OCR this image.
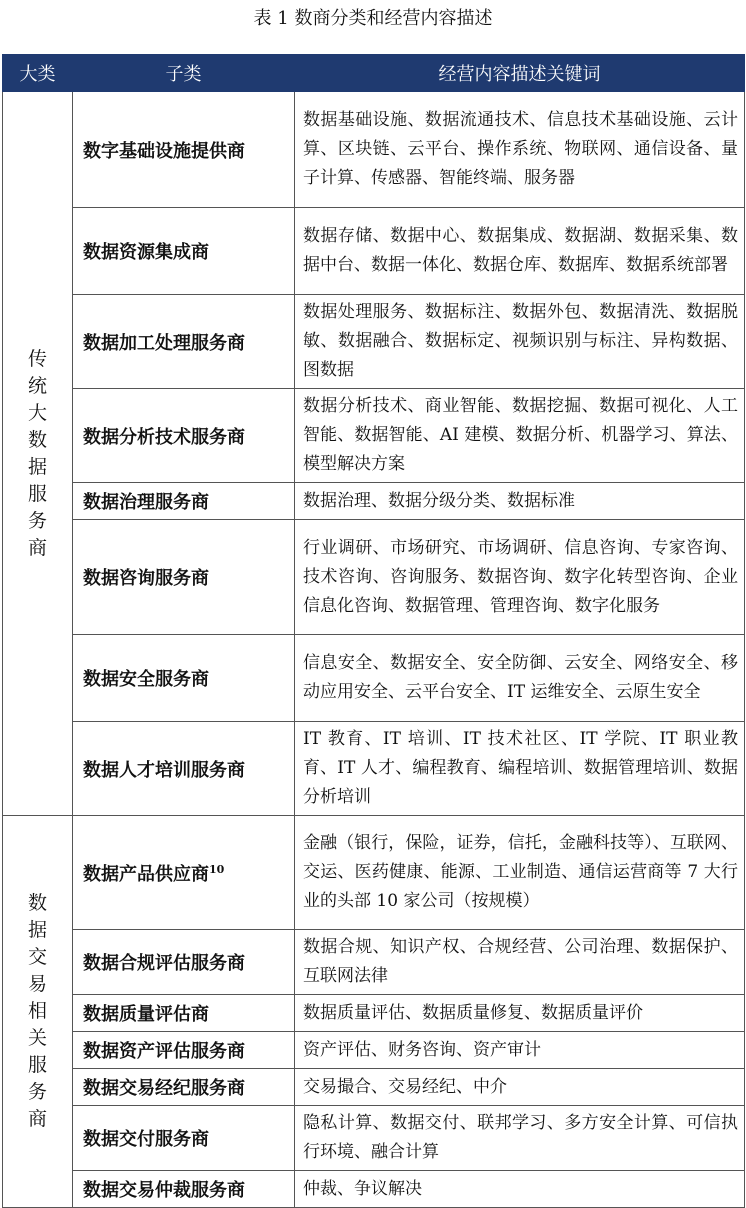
表 1 数商分类和经营内容描述
大类	子类	经营内容描述关键词
传统大数据服务商	数字基础设施提供商	数据基础设施、数据流通技术、信息技术基础设施、云计算、区块链、云平台、操作系统、物联网、通信设备、量子计算、传感器、智能终端、服务器
	数据资源集成商	数据存储、数据中心、数据集成、数据湖、数据采集、数据中台、数据一体化、数据仓库、数据库、数据系统部署
	数据加工处理服务商	数据处理服务、数据标注、数据外包、数据清洗、数据脱敏、数据融合、数据标定、视频识别与标注、异构数据、图数据
	数据分析技术服务商	数据分析技术、商业智能、数据挖掘、数据可视化、人工智能、数据智能、AI 建模、数据分析、机器学习、算法、模型解决方案
	数据治理服务商	数据治理、数据分级分类、数据标准
	数据咨询服务商	行业调研、市场研究、市场调研、信息咨询、专家咨询、技术咨询、咨询服务、数据咨询、数字化转型咨询、企业信息化咨询、数据管理、管理咨询、数字化服务
	数据安全服务商	信息安全、数据安全、安全防御、云安全、网络安全、移动应用安全、云平台安全、IT 运维安全、云原生安全
	数据人才培训服务商	IT 教育、IT 培训、IT 技术社区、IT 学院、IT 职业教育、IT 人才、编程教育、编程培训、数据管理培训、数据分析培训
数据交易相关服务商	数据产品供应商$^{10}$	金融（银行，保险，证券，信托，金融科技等）、互联网、交运、医药健康、能源、工业制造、通信运营商等 7 大行业的头部 10 家公司（按规模）
	数据合规评估服务商	数据合规、知识产权、合规经营、公司治理、数据保护、互联网法律
	数据质量评估商	数据质量评估、数据质量修复、数据质量评价
	数据资产评估服务商	资产评估、财务咨询、资产审计
	数据交易经纪服务商	交易撮合、交易经纪、中介
	数据交付服务商	隐私计算、数据交付、联邦学习、多方安全计算、可信执行环境、融合计算
	数据交易仲裁服务商	仲裁、争议解决
